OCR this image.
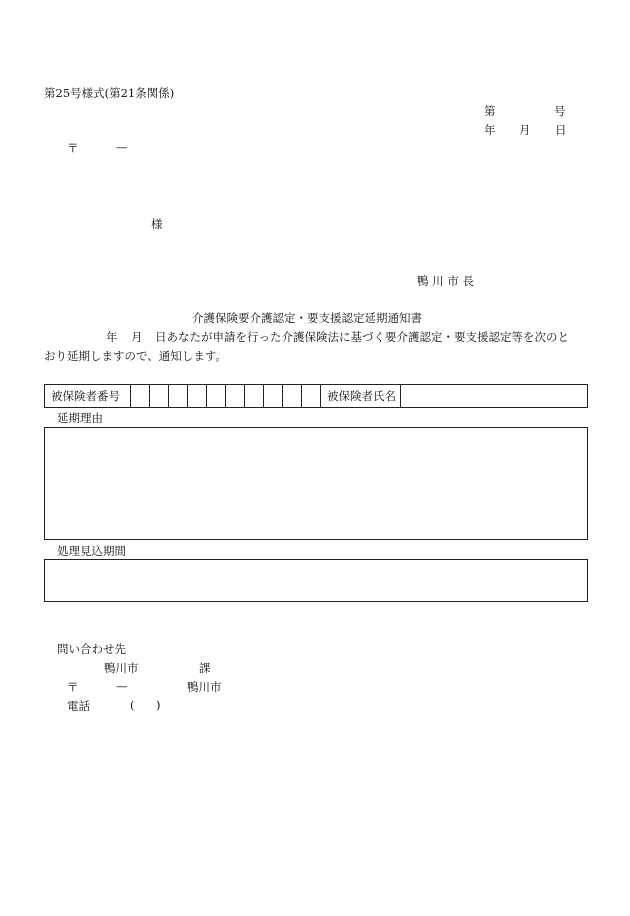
第25号様式(第21条関係)
第	号
年 月 日
〒	—
様
鴨 川 市 長
介護保険要介護認定・要支援認定延期通知書
年 月 日あなたが申請を行った介護保険法に基づく要介護認定・要支援認定等を次のと
おり延期しますので、通知します。
被保険者番号											被保険者氏名	
延期理由
処理見込期間
問い合わせ先
鴨川市	課
〒	—	鴨川市
電話	( )
